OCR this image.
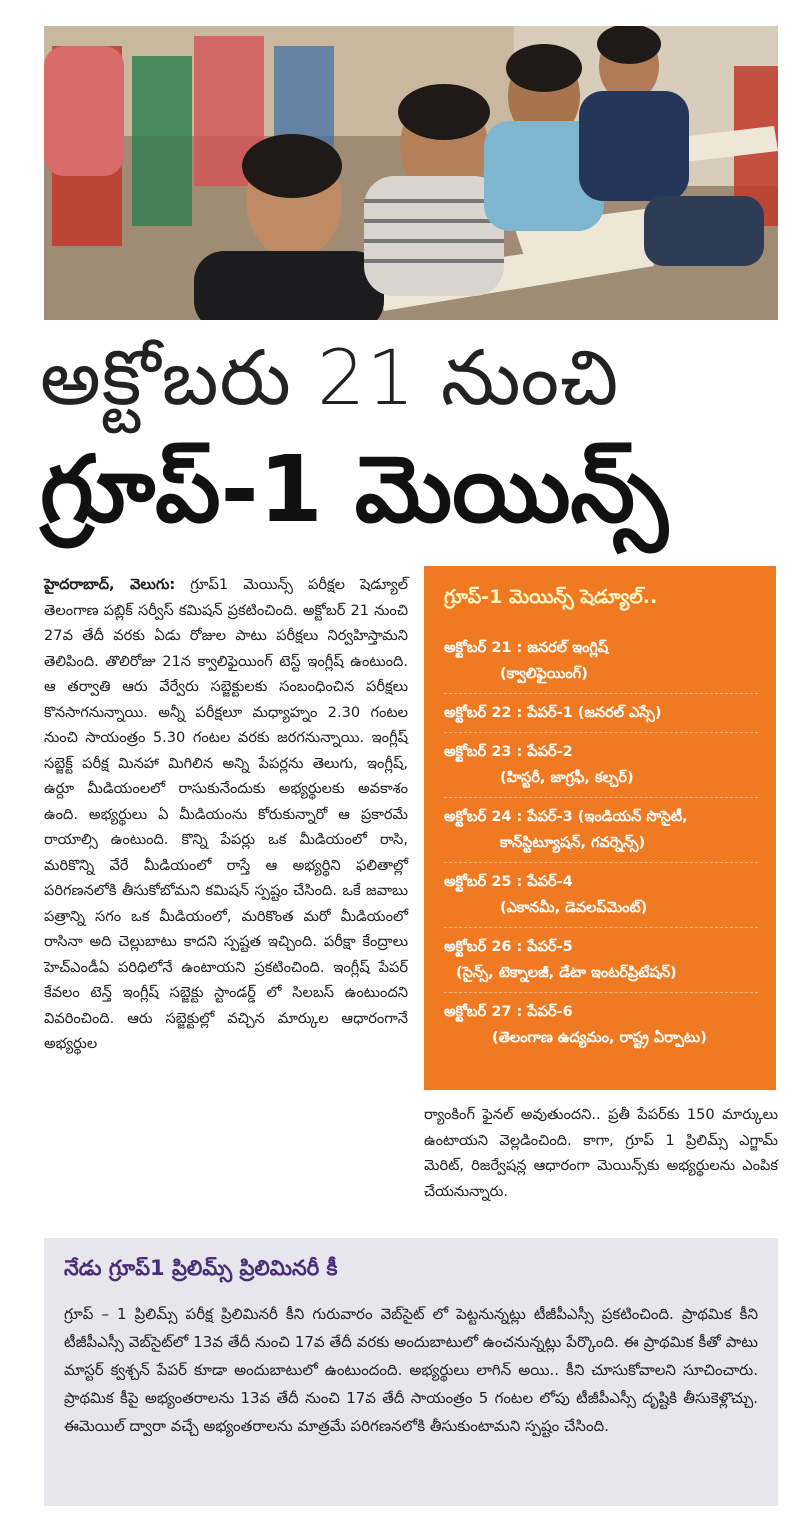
అక్టోబరు 21 నుంచి
గ్రూప్-1 మెయిన్స్

హైదరాబాద్, వెలుగు: గ్రూప్1 మెయిన్స్ పరీక్షల షెడ్యూల్ తెలంగాణ పబ్లిక్ సర్వీస్ కమిషన్ ప్రకటించింది. అక్టోబర్ 21 నుంచి 27వ తేదీ వరకు ఏడు రోజుల పాటు పరీక్షలు నిర్వహిస్తామని తెలిపింది. తొలిరోజు 21న క్వాలిఫైయింగ్ టెస్ట్ ఇంగ్లీష్ ఉంటుంది. ఆ తర్వాతి ఆరు వేర్వేరు సబ్జెక్టులకు సంబంధించిన పరీక్షలు కొనసాగనున్నాయి. అన్నీ పరీక్షలూ మధ్యాహ్నం 2.30 గంటల నుంచి సాయంత్రం 5.30 గంటల వరకు జరగనున్నాయి. ఇంగ్లీష్ సబ్జెక్ట్ పరీక్ష మినహా మిగిలిన అన్ని పేపర్లను తెలుగు, ఇంగ్లీష్, ఉర్దూ మీడియంలలో రాసుకునేందుకు అభ్యర్థులకు అవకాశం ఉంది. అభ్యర్థులు ఏ మీడియంను కోరుకున్నారో ఆ ప్రకారమే రాయాల్సి ఉంటుంది. కొన్ని పేపర్లు ఒక మీడియంలో రాసి, మరికొన్ని వేరే మీడియంలో రాస్తే ఆ అభ్యర్థిని ఫలితాల్లో పరిగణనలోకి తీసుకోబోమని కమిషన్ స్పష్టం చేసింది. ఒకే జవాబు పత్రాన్ని సగం ఒక మీడియంలో, మరికొంత మరో మీడియంలో రాసినా అది చెల్లుబాటు కాదని స్పష్టత ఇచ్చింది. పరీక్షా కేంద్రాలు హెచ్ఎండీఏ పరిధిలోనే ఉంటాయని ప్రకటించింది. ఇంగ్లీష్ పేపర్ కేవలం టెన్త్ ఇంగ్లీష్ సబ్జెక్టు స్టాండర్డ్ లో సిలబస్ ఉంటుందని వివరించింది. ఆరు సబ్జెక్టుల్లో వచ్చిన మార్కుల ఆధారంగానే అభ్యర్థుల

గ్రూప్-1 మెయిన్స్ షెడ్యూల్..
అక్టోబర్ 21 : జనరల్ ఇంగ్లిష్
(క్వాలిఫైయింగ్)
అక్టోబర్ 22 : పేపర్-1 (జనరల్ ఎస్సే)
అక్టోబర్ 23 : పేపర్-2
(హిస్టరీ, జాగ్రఫీ, కల్చర్)
అక్టోబర్ 24 : పేపర్-3 (ఇండియన్ సొసైటీ,
కాన్‌స్టిట్యూషన్, గవర్నెన్స్)
అక్టోబర్ 25 : పేపర్-4
(ఎకానమీ, డెవలప్‌మెంట్)
అక్టోబర్ 26 : పేపర్-5
(సైన్స్, టెక్నాలజీ, డేటా ఇంటర్‌ప్రిటేషన్)
అక్టోబర్ 27 : పేపర్-6
(తెలంగాణ ఉద్యమం, రాష్ట్ర ఏర్పాటు)
ర్యాంకింగ్ ఫైనల్ అవుతుందని.. ప్రతీ పేపర్‌కు 150 మార్కులు ఉంటాయని వెల్లడించింది. కాగా, గ్రూప్ 1 ప్రిలిమ్స్ ఎగ్జామ్ మెరిట్, రిజర్వేషన్ల ఆధారంగా మెయిన్స్‌కు అభ్యర్థులను ఎంపిక చేయనున్నారు.
నేడు గ్రూప్1 ప్రిలిమ్స్ ప్రిలిమినరీ కీ
గ్రూప్ – 1 ప్రిలిమ్స్ పరీక్ష ప్రిలిమినరీ కీని గురువారం వెబ్‌సైట్ లో పెట్టనున్నట్లు టీజీపీఎస్సీ ప్రకటించింది. ప్రాథమిక కీని టీజీపీఎస్సీ వెబ్‌సైట్‌లో 13వ తేదీ నుంచి 17వ తేదీ వరకు అందుబాటులో ఉంచనున్నట్లు పేర్కొంది. ఈ ప్రాథమిక కీతో పాటు మాస్టర్ క్వశ్చన్ పేపర్ కూడా అందుబాటులో ఉంటుందంది. అభ్యర్థులు లాగిన్ అయి.. కీని చూసుకోవాలని సూచించారు. ప్రాథమిక కీపై అభ్యంతరాలను 13వ తేదీ నుంచి 17వ తేదీ సాయంత్రం 5 గంటల లోపు టీజీపీఎస్సీ దృష్టికి తీసుకెళ్లొచ్చు. ఈమెయిల్ ద్వారా వచ్చే అభ్యంతరాలను మాత్రమే పరిగణనలోకి తీసుకుంటామని స్పష్టం చేసింది.
